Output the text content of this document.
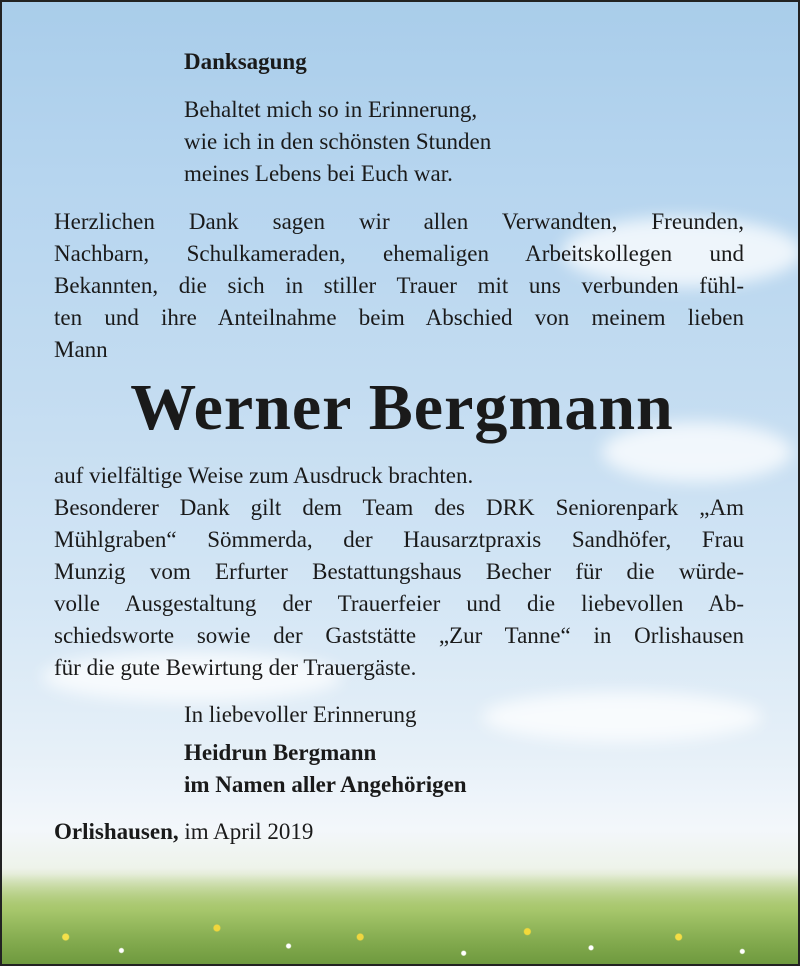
Danksagung
Behaltet mich so in Erinnerung,
wie ich in den schönsten Stunden
meines Lebens bei Euch war.
Herzlichen Dank sagen wir allen Verwandten, Freunden,
Nachbarn, Schulkameraden, ehemaligen Arbeitskollegen und
Bekannten, die sich in stiller Trauer mit uns verbunden fühl-
ten und ihre Anteilnahme beim Abschied von meinem lieben
Mann
Werner Bergmann
auf vielfältige Weise zum Ausdruck brachten.
Besonderer Dank gilt dem Team des DRK Seniorenpark „Am
Mühlgraben“ Sömmerda, der Hausarztpraxis Sandhöfer, Frau
Munzig vom Erfurter Bestattungshaus Becher für die würde-
volle Ausgestaltung der Trauerfeier und die liebevollen Ab-
schiedsworte sowie der Gaststätte „Zur Tanne“ in Orlishausen
für die gute Bewirtung der Trauergäste.
In liebevoller Erinnerung
Heidrun Bergmann
im Namen aller Angehörigen
Orlishausen, im April 2019
